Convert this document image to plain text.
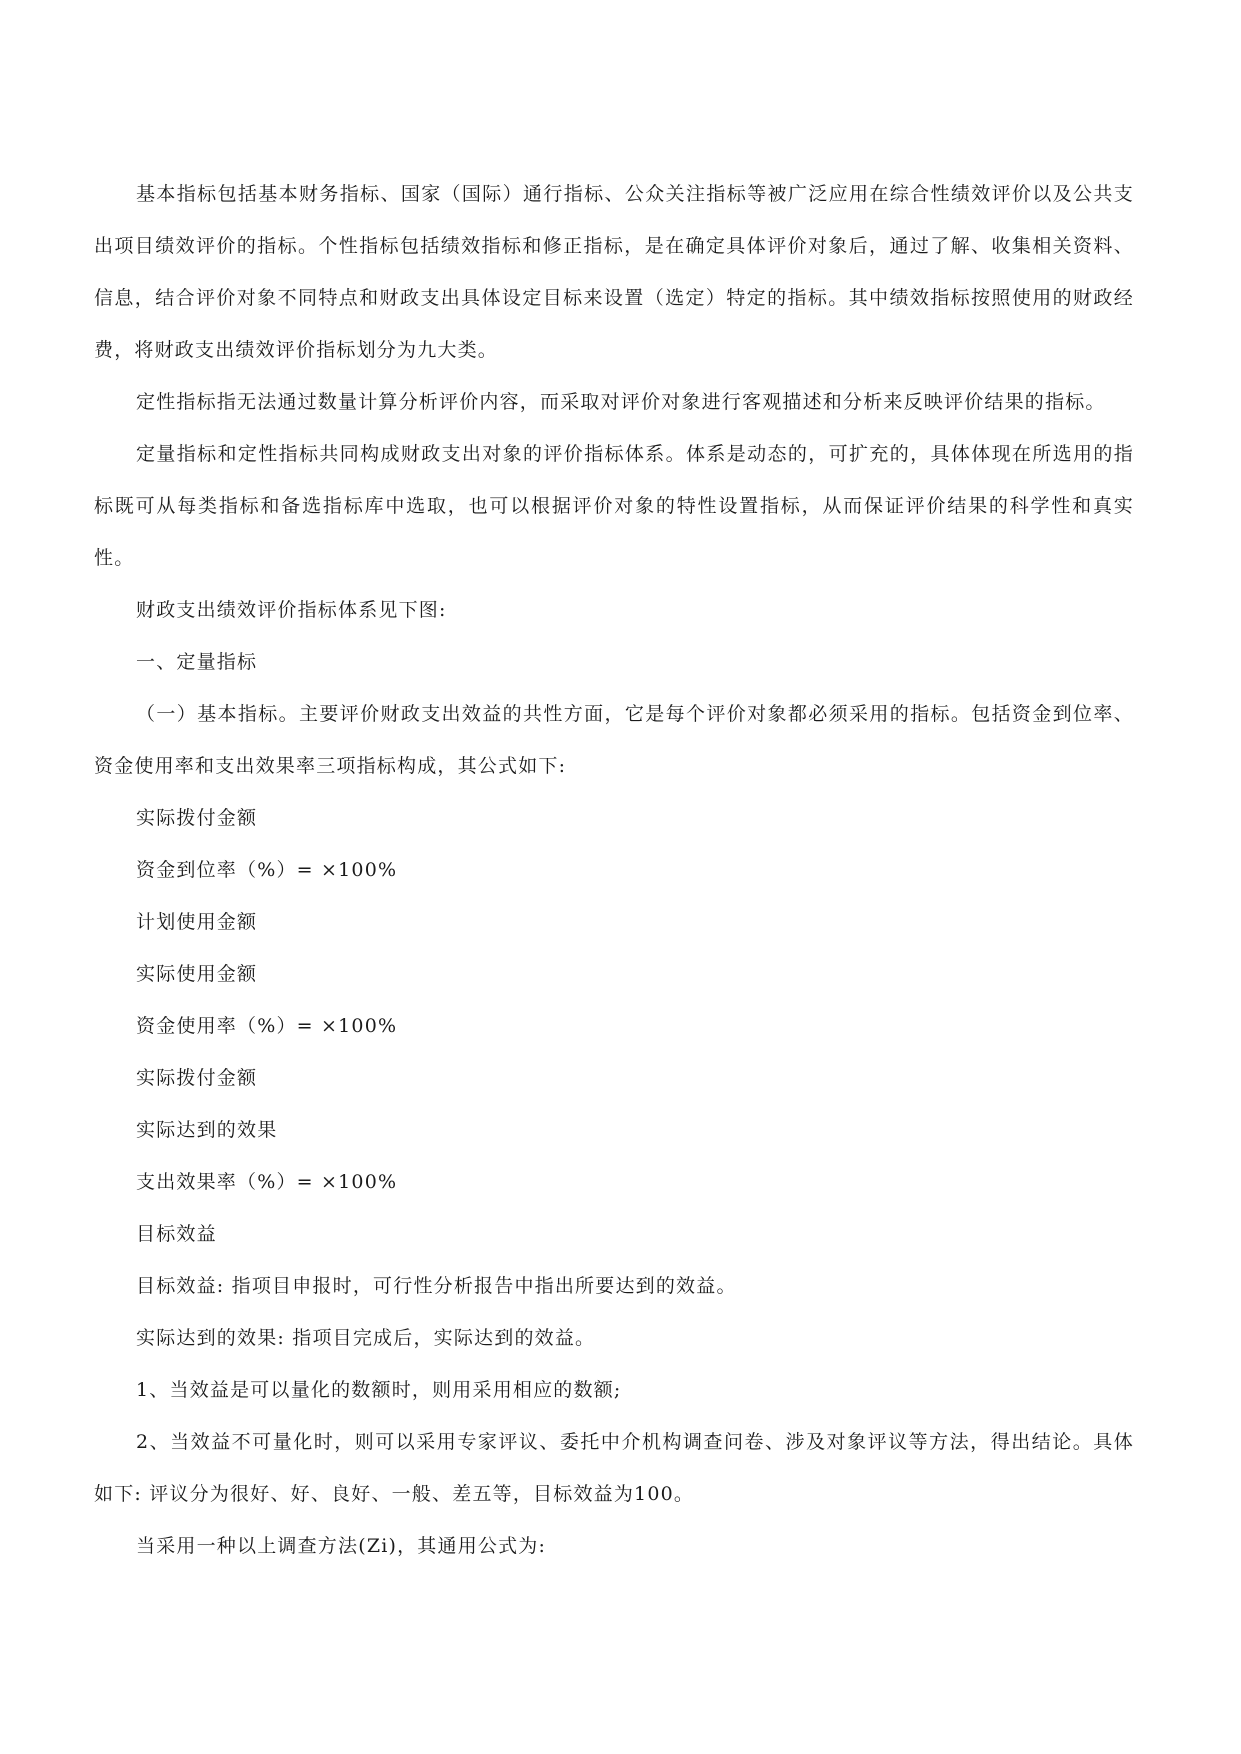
基本指标包括基本财务指标、国家（国际）通行指标、公众关注指标等被广泛应用在综合性绩效评价以及公共支出项目绩效评价的指标。个性指标包括绩效指标和修正指标，是在确定具体评价对象后，通过了解、收集相关资料、信息，结合评价对象不同特点和财政支出具体设定目标来设置（选定）特定的指标。其中绩效指标按照使用的财政经费，将财政支出绩效评价指标划分为九大类。

定性指标指无法通过数量计算分析评价内容，而采取对评价对象进行客观描述和分析来反映评价结果的指标。

定量指标和定性指标共同构成财政支出对象的评价指标体系。体系是动态的，可扩充的，具体体现在所选用的指标既可从每类指标和备选指标库中选取，也可以根据评价对象的特性设置指标，从而保证评价结果的科学性和真实性。

财政支出绩效评价指标体系见下图:

一、定量指标

（一）基本指标。主要评价财政支出效益的共性方面，它是每个评价对象都必须采用的指标。包括资金到位率、资金使用率和支出效果率三项指标构成，其公式如下:

实际拨付金额

资金到位率（%）= ×100%

计划使用金额

实际使用金额

资金使用率（%）= ×100%

实际拨付金额

实际达到的效果

支出效果率（%）= ×100%

目标效益

目标效益: 指项目申报时，可行性分析报告中指出所要达到的效益。

实际达到的效果: 指项目完成后，实际达到的效益。

1、当效益是可以量化的数额时，则用采用相应的数额;

2、当效益不可量化时，则可以采用专家评议、委托中介机构调查问卷、涉及对象评议等方法，得出结论。具体如下: 评议分为很好、好、良好、一般、差五等，目标效益为100。

当采用一种以上调查方法(Zi)，其通用公式为:
